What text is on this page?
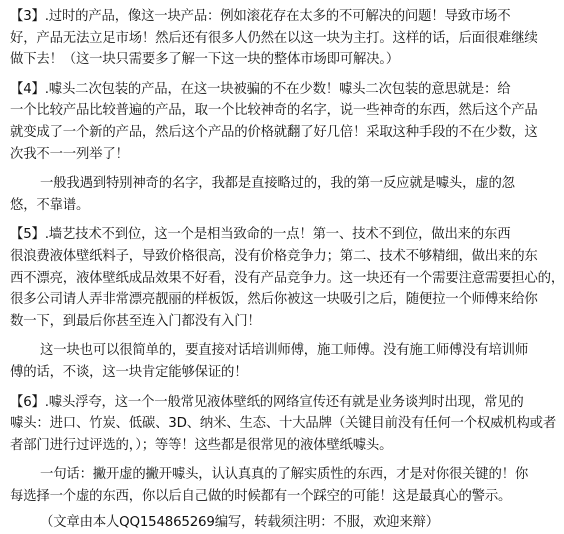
【3】.过时的产品，像这一块产品：例如滚花存在太多的不可解决的问题！导致市场不
好，产品无法立足市场！然后还有很多人仍然在以这一块为主打。这样的话，后面很难继续
做下去！（这一块只需要多了解一下这一块的整体市场即可解决。）
【4】.噱头二次包装的产品，在这一块被骗的不在少数！噱头二次包装的意思就是：给
一个比较产品比较普遍的产品，取一个比较神奇的名字，说一些神奇的东西，然后这个产品
就变成了一个新的产品，然后这个产品的价格就翻了好几倍！采取这种手段的不在少数，这
次我不一一列举了！
一般我遇到特别神奇的名字，我都是直接略过的，我的第一反应就是噱头，虚的忽
悠，不靠谱。
【5】.墙艺技术不到位，这一个是相当致命的一点！第一、技术不到位，做出来的东西
很浪费液体壁纸料子，导致价格很高，没有价格竞争力；第二、技术不够精细，做出来的东
西不漂亮，液体壁纸成品效果不好看，没有产品竞争力。这一块还有一个需要注意需要担心的，
很多公司请人弄非常漂亮靓丽的样板饭，然后你被这一块吸引之后，随便拉一个师傅来给你
数一下，到最后你甚至连入门都没有入门！
这一块也可以很简单的，要直接对话培训师傅，施工师傅。没有施工师傅没有培训师
傅的话，不谈，这一块肯定能够保证的！
【6】.噱头浮夸，这一个一般常见液体壁纸的网络宣传还有就是业务谈判时出现，常见的
噱头：进口、竹炭、低碳、3D、纳米、生态、十大品牌（关键目前没有任何一个权威机构或者
者部门进行过评选的，）；等等！这些都是很常见的液体壁纸噱头。
一句话：撇开虚的撇开噱头，认认真真的了解实质性的东西，才是对你很关键的！你
每选择一个虚的东西，你以后自己做的时候都有一个踩空的可能！这是最真心的警示。
（文章由本人QQ154865269编写，转载须注明：不服，欢迎来辩）
